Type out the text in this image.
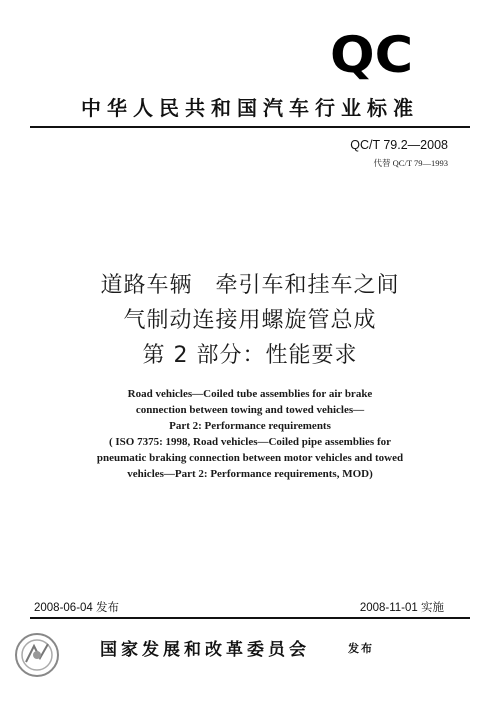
QC
中华人民共和国汽车行业标准
QC/T 79.2—2008
代替 QC/T 79—1993
道路车辆　牵引车和挂车之间
气制动连接用螺旋管总成
第 2 部分：性能要求
Road vehicles—Coiled tube assemblies for air brake
connection between towing and towed vehicles—
Part 2: Performance requirements
( ISO 7375: 1998, Road vehicles—Coiled pipe assemblies for
pneumatic braking connection between motor vehicles and towed
vehicles—Part 2: Performance requirements, MOD)
2008-06-04 发布	2008-11-01 实施
国家发展和改革委员会	发布
